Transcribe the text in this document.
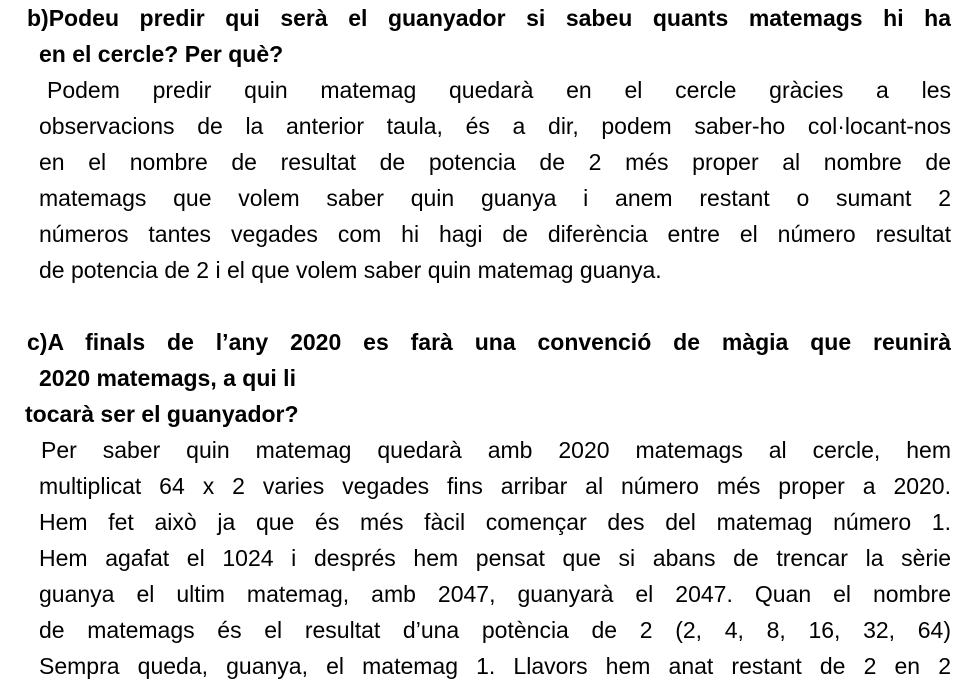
b)Podeu predir qui serà el guanyador si sabeu quants matemags hi ha
en el cercle? Per què?
Podem predir quin matemag quedarà en el cercle gràcies a les
observacions de la anterior taula, és a dir, podem saber-ho col·locant-nos
en el nombre de resultat de potencia de 2 més proper al nombre de
matemags que volem saber quin guanya i anem restant o sumant 2
números tantes vegades com hi hagi de diferència entre el número resultat
de potencia de 2 i el que volem saber quin matemag guanya.
c)A finals de l’any 2020 es farà una convenció de màgia que reunirà
2020 matemags, a qui li
tocarà ser el guanyador?
Per saber quin matemag quedarà amb 2020 matemags al cercle, hem
multiplicat 64 x 2 varies vegades fins arribar al número més proper a 2020.
Hem fet això ja que és més fàcil començar des del matemag número 1.
Hem agafat el 1024 i després hem pensat que si abans de trencar la sèrie
guanya el ultim matemag, amb 2047, guanyarà el 2047. Quan el nombre
de matemags és el resultat d’una potència de 2 (2, 4, 8, 16, 32, 64)
Sempra queda, guanya, el matemag 1. Llavors hem anat restant de 2 en 2
